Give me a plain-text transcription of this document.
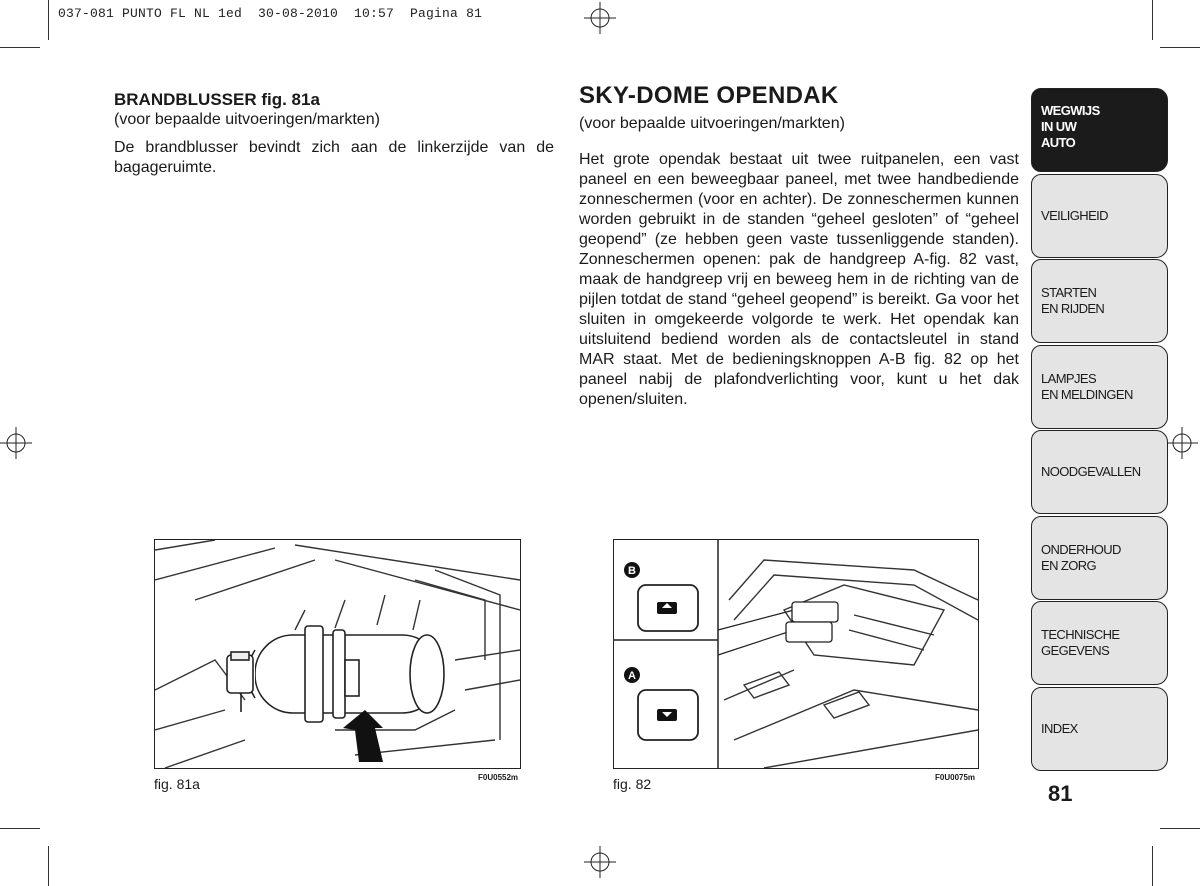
037-081 PUNTO FL NL 1ed  30-08-2010  10:57  Pagina 81
BRANDBLUSSER fig. 81a

(voor bepaalde uitvoeringen/markten)

De brandblusser bevindt zich aan de linkerzijde van de bagageruimte.

SKY-DOME OPENDAK

(voor bepaalde uitvoeringen/markten)

Het grote opendak bestaat uit twee ruitpanelen, een vast paneel en een beweegbaar paneel, met twee handbediende zonneschermen (voor en achter). De zonneschermen kunnen worden gebruikt in de standen “geheel gesloten” of “geheel geopend” (ze hebben geen vaste tussenliggende standen). Zonneschermen openen: pak de handgreep A-fig. 82 vast, maak de handgreep vrij en beweeg hem in de richting van de pijlen totdat de stand “geheel geopend” is bereikt. Ga voor het sluiten in omgekeerde volgorde te werk. Het opendak kan uitsluitend bediend worden als de contactsleutel in stand MAR staat. Met de bedieningsknoppen A-B fig. 82 op het paneel nabij de plafondverlichting voor, kunt u het dak openen/sluiten.

fig. 81a	F0U0552m
B
A
fig. 82	F0U0075m
WEGWIJS
IN UW
AUTO
VEILIGHEID
STARTEN
EN RIJDEN
LAMPJES
EN MELDINGEN
NOODGEVALLEN
ONDERHOUD
EN ZORG
TECHNISCHE
GEGEVENS
INDEX
81
